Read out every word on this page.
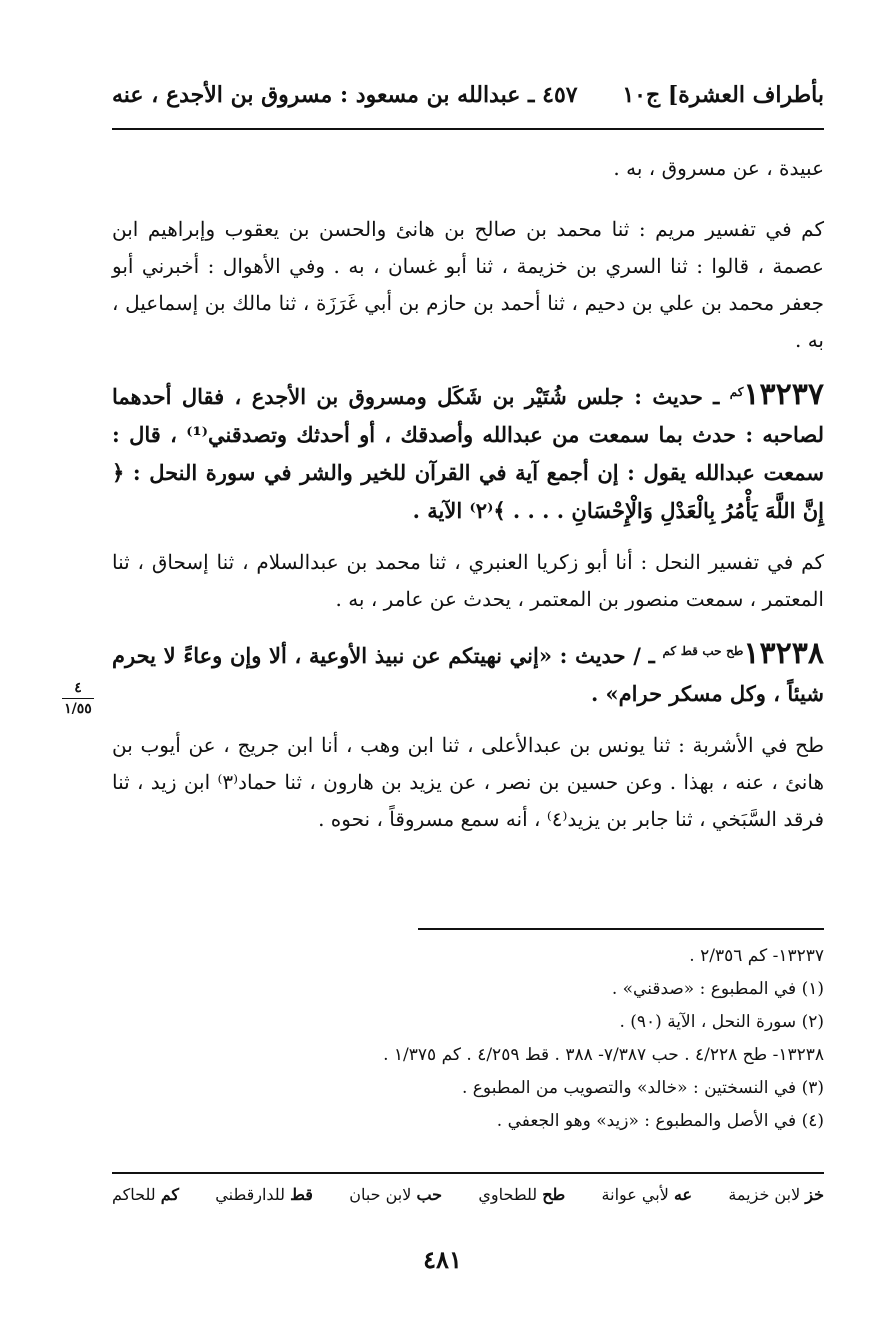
بأطراف العشرة] ج١٠
٤٥٧ ـ عبدالله بن مسعود : مسروق بن الأجدع ، عنه

عبيدة ، عن مسروق ، به .

كم في تفسير مريم : ثنا محمد بن صالح بن هانئ والحسن بن يعقوب وإبراهيم ابن عصمة ، قالوا : ثنا السري بن خزيمة ، ثنا أبو غسان ، به . وفي الأهوال : أخبرني أبو جعفر محمد بن علي بن دحيم ، ثنا أحمد بن حازم بن أبي غَرَزَة ، ثنا مالك بن إسماعيل ، به .

$١٣٢٣٧^{كم}$ ـ حديث : جلس شُتَيْر بن شَكَل ومسروق بن الأجدع ، فقال أحدهما لصاحبه : حدث بما سمعت من عبدالله وأصدقك ، أو أحدثك وتصدقني⁽¹⁾ ، قال : سمعت عبدالله يقول : إن أجمع آية في القرآن للخير والشر في سورة النحل : ﴿ إِنَّ اللَّهَ يَأْمُرُ بِالْعَدْلِ وَالْإِحْسَانِ . . . . ﴾⁽٢⁾ الآية .

كم في تفسير النحل : أنا أبو زكريا العنبري ، ثنا محمد بن عبدالسلام ، ثنا إسحاق ، ثنا المعتمر ، سمعت منصور بن المعتمر ، يحدث عن عامر ، به .

$١٣٢٣٨^{طح حب قط كم}$ ـ / حديث : «إني نهيتكم عن نبيذ الأوعية ، ألا وإن وعاءً لا يحرم شيئاً ، وكل مسكر حرام» .

طح في الأشربة : ثنا يونس بن عبدالأعلى ، ثنا ابن وهب ، أنا ابن جريج ، عن أيوب بن هانئ ، عنه ، بهذا . وعن حسين بن نصر ، عن يزيد بن هارون ، ثنا حماد⁽٣⁾ ابن زيد ، ثنا فرقد السَّبَخي ، ثنا جابر بن يزيد⁽٤⁾ ، أنه سمع مسروقاً ، نحوه .

٤
١/٥٥
١٣٢٣٧- كم ٢/٣٥٦ .
(١) في المطبوع : «صدقني» .
(٢) سورة النحل ، الآية (٩٠) .
١٣٢٣٨- طح ٤/٢٢٨ . حب ٧/٣٨٧- ٣٨٨ . قط ٤/٢٥٩ . كم ١/٣٧٥ .
(٣) في النسختين : «خالد» والتصويب من المطبوع .
(٤) في الأصل والمطبوع : «زيد» وهو الجعفي .
خز لابن خزيمة
عه لأبي عوانة
طح للطحاوي
حب لابن حبان
قط للدارقطني
كم للحاكم
٤٨١
